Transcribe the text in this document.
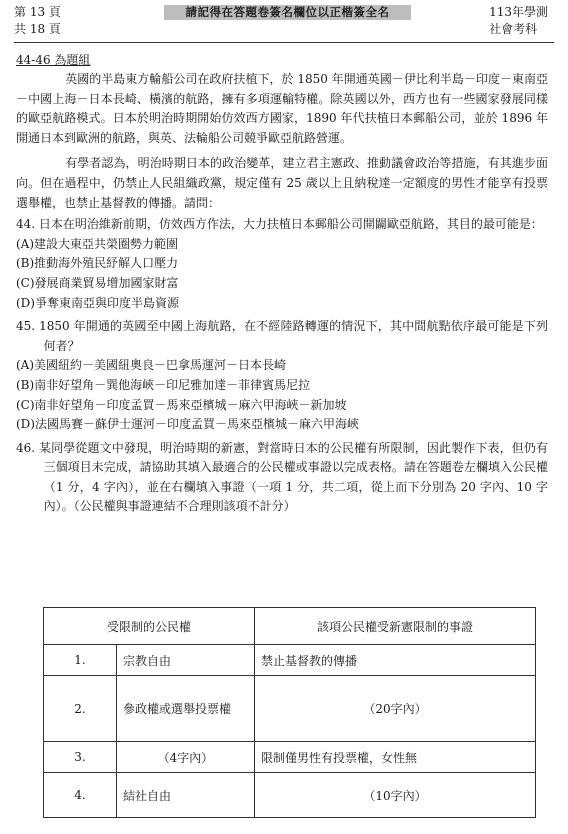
第 13 頁
共 18 頁
請記得在答題卷簽名欄位以正楷簽全名	113年學測
社會考科
44-46 為題組

英國的半島東方輪船公司在政府扶植下，於 1850 年開通英國－伊比利半島－印度－東南亞－中國上海－日本長崎、橫濱的航路，擁有多項運輸特權。除英國以外，西方也有一些國家發展同樣的歐亞航路模式。日本於明治時期開始仿效西方國家，1890 年代扶植日本郵船公司，並於 1896 年開通日本到歐洲的航路，與英、法輪船公司競爭歐亞航路營運。

有學者認為，明治時期日本的政治變革，建立君主憲政、推動議會政治等措施，有其進步面向。但在過程中，仍禁止人民組織政黨，規定僅有 25 歲以上且納稅達一定額度的男性才能享有投票選舉權，也禁止基督教的傳播。請問：

44. 日本在明治維新前期，仿效西方作法，大力扶植日本郵船公司開闢歐亞航路，其目的最可能是：

(A)建設大東亞共榮圈勢力範圍

(B)推動海外殖民紓解人口壓力

(C)發展商業貿易增加國家財富

(D)爭奪東南亞與印度半島資源

45. 1850 年開通的英國至中國上海航路，在不經陸路轉運的情況下，其中間航點依序最可能是下列何者？

(A)美國紐約－美國紐奧良－巴拿馬運河－日本長崎

(B)南非好望角－巽他海峽－印尼雅加達－菲律賓馬尼拉

(C)南非好望角－印度孟買－馬來亞檳城－麻六甲海峽－新加坡

(D)法國馬賽－蘇伊士運河－印度孟買－馬來亞檳城－麻六甲海峽

46. 某同學從題文中發現，明治時期的新憲，對當時日本的公民權有所限制，因此製作下表，但仍有三個項目未完成，請協助其填入最適合的公民權或事證以完成表格。請在答題卷左欄填入公民權（1 分，4 字內），並在右欄填入事證（一項 1 分，共二項，從上而下分別為 20 字內、10 字內）。（公民權與事證連結不合理則該項不計分）

受限制的公民權		該項公民權受新憲限制的事證
1.	宗教自由	禁止基督教的傳播
2.	參政權或選舉投票權	（20字內）
3.	（4字內）	限制僅男性有投票權，女性無
4.	結社自由	（10字內）
